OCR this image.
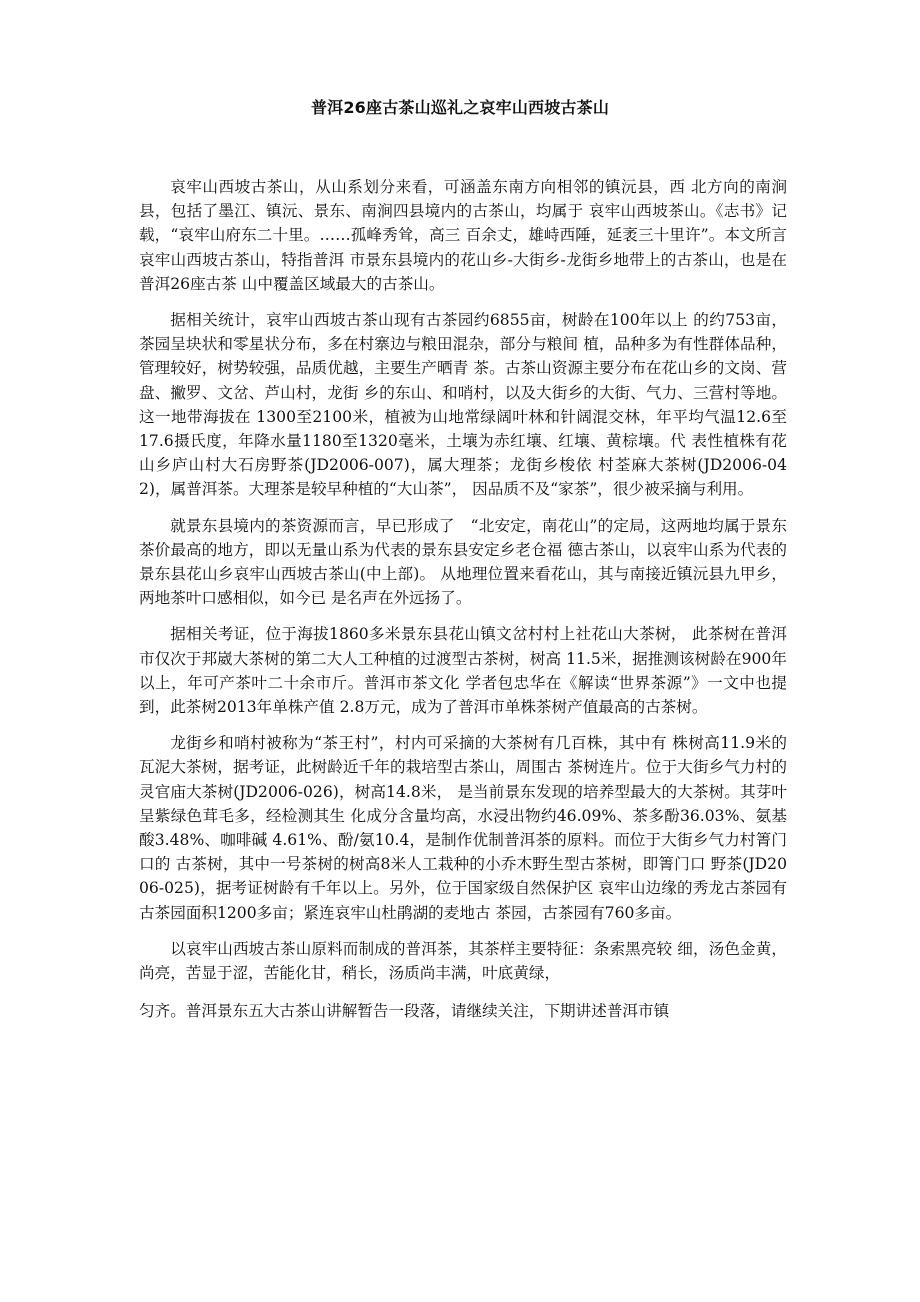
普洱26座古茶山巡礼之哀牢山西坡古茶山

哀牢山西坡古茶山，从山系划分来看，可涵盖东南方向相邻的镇沅县，西 北方向的南涧县，包括了墨江、镇沅、景东、南涧四县境内的古茶山，均属于 哀牢山西坡茶山。《志书》记载，“哀牢山府东二十里。……孤峰秀耸，高三 百余丈，雄峙西陲，延袤三十里许”。本文所言哀牢山西坡古茶山，特指普洱 市景东县境内的花山乡-大街乡-龙街乡地带上的古茶山，也是在普洱26座古茶 山中覆盖区域最大的古茶山。

据相关统计，哀牢山西坡古茶山现有古茶园约6855亩，树龄在100年以上 的约753亩，茶园呈块状和零星状分布，多在村寨边与粮田混杂，部分与粮间 植，品种多为有性群体品种，管理较好，树势较强，品质优越，主要生产晒青 茶。古茶山资源主要分布在花山乡的文岗、营盘、撇罗、文岔、芦山村，龙街 乡的东山、和哨村，以及大街乡的大街、气力、三营村等地。这一地带海拔在 1300至2100米，植被为山地常绿阔叶林和针阔混交林，年平均气温12.6至 17.6摄氏度，年降水量1180至1320毫米，土壤为赤红壤、红壤、黄棕壤。代 表性植株有花山乡庐山村大石房野茶(JD2006-007)，属大理茶；龙街乡梭依 村荃麻大茶树(JD2006-042)，属普洱茶。大理茶是较早种植的“大山茶”， 因品质不及“家茶”，很少被采摘与利用。

就景东县境内的茶资源而言，早已形成了　“北安定，南花山”的定局，这两地均属于景东茶价最高的地方，即以无量山系为代表的景东县安定乡老仓福 德古茶山，以哀牢山系为代表的景东县花山乡哀牢山西坡古茶山(中上部)。 从地理位置来看花山，其与南接近镇沅县九甲乡，两地茶叶口感相似，如今已 是名声在外远扬了。

据相关考证，位于海拔1860多米景东县花山镇文岔村村上社花山大茶树， 此茶树在普洱市仅次于邦崴大茶树的第二大人工种植的过渡型古茶树，树高 11.5米，据推测该树龄在900年以上，年可产茶叶二十余市斤。普洱市茶文化 学者包忠华在《解读“世界茶源”》一文中也提到，此茶树2013年单株产值 2.8万元，成为了普洱市单株茶树产值最高的古茶树。

龙街乡和哨村被称为“茶王村”，村内可采摘的大茶树有几百株，其中有 株树高11.9米的瓦泥大茶树，据考证，此树龄近千年的栽培型古茶山，周围古 茶树连片。位于大街乡气力村的灵官庙大茶树(JD2006-026)，树高14.8米， 是当前景东发现的培养型最大的大茶树。其芽叶呈紫绿色茸毛多，经检测其生 化成分含量均高，水浸出物约46.09%、茶多酚36.03%、氨基酸3.48%、咖啡碱 4.61%、酚/氨10.4，是制作优制普洱茶的原料。而位于大街乡气力村箐门口的 古茶树，其中一号茶树的树高8米人工栽种的小乔木野生型古茶树，即箐门口 野茶(JD2006-025)，据考证树龄有千年以上。另外，位于国家级自然保护区 哀牢山边缘的秀龙古茶园有古茶园面积1200多亩；紧连哀牢山杜鹃湖的麦地古 茶园，古茶园有760多亩。

以哀牢山西坡古茶山原料而制成的普洱茶，其茶样主要特征：条索黑亮较 细，汤色金黄，尚亮，苦显于涩，苦能化甘，稍长，汤质尚丰满，叶底黄绿，

匀齐。普洱景东五大古茶山讲解暂告一段落，请继续关注，下期讲述普洱市镇
